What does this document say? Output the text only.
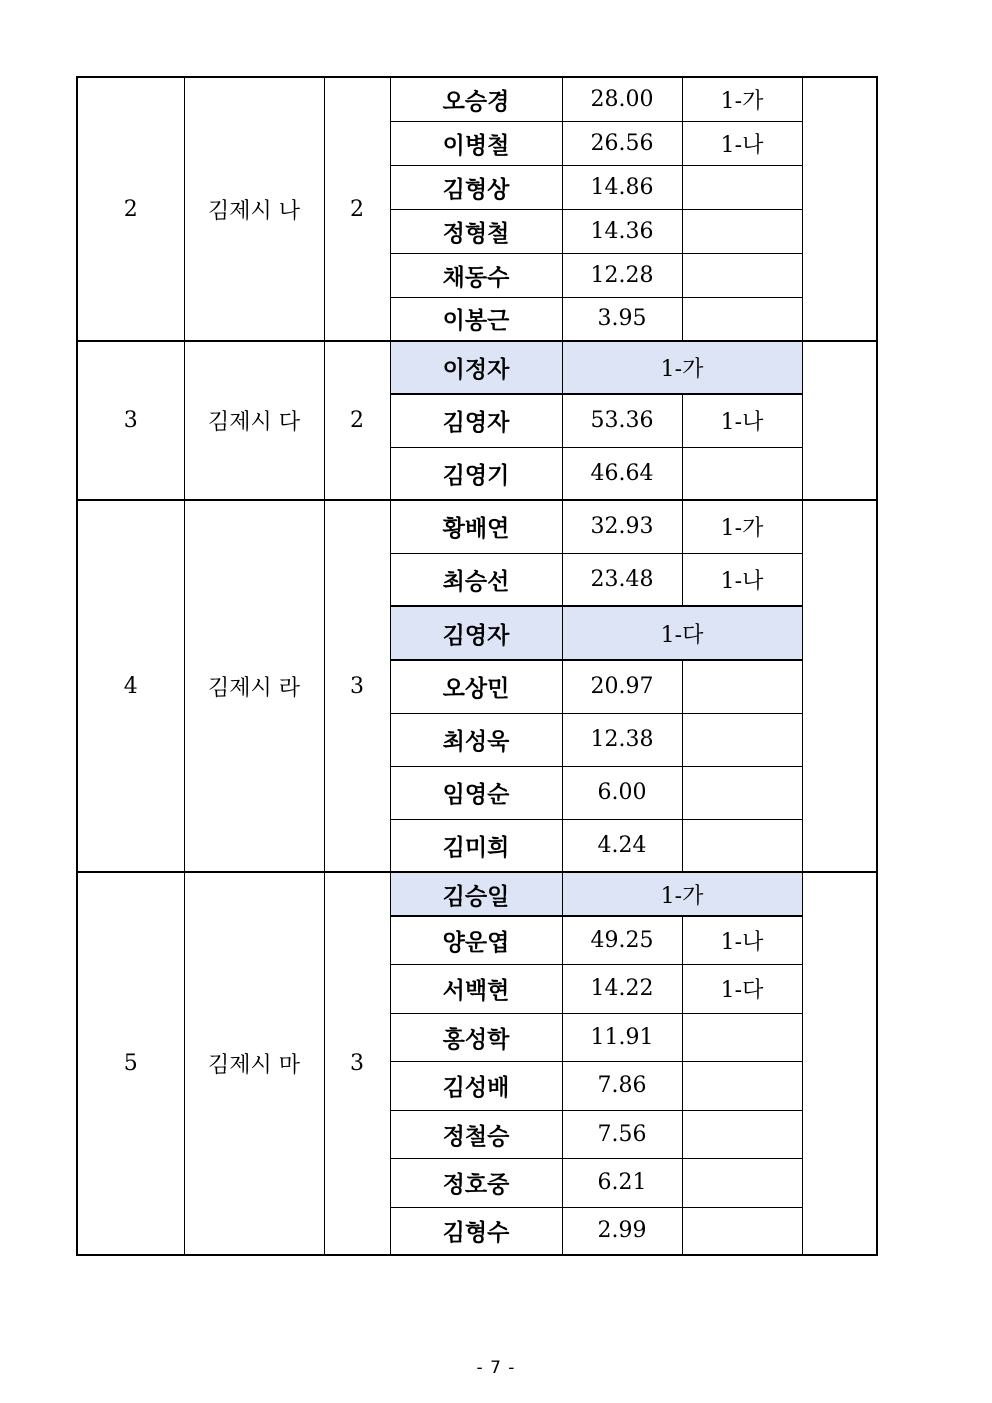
2	김제시 나	2	오승경	28.00	1-가	
			이병철	26.56	1-나	
			김형상	14.86		
			정형철	14.36		
			채동수	12.28		
			이봉근	3.95		
3	김제시 다	2	이정자	1-가		
			김영자	53.36	1-나	
			김영기	46.64		
4	김제시 라	3	황배연	32.93	1-가	
			최승선	23.48	1-나	
			김영자	1-다		
			오상민	20.97		
			최성욱	12.38		
			임영순	6.00		
			김미희	4.24		
5	김제시 마	3	김승일	1-가		
			양운엽	49.25	1-나	
			서백현	14.22	1-다	
			홍성학	11.91		
			김성배	7.86		
			정철승	7.56		
			정호중	6.21		
			김형수	2.99		
- 7 -
